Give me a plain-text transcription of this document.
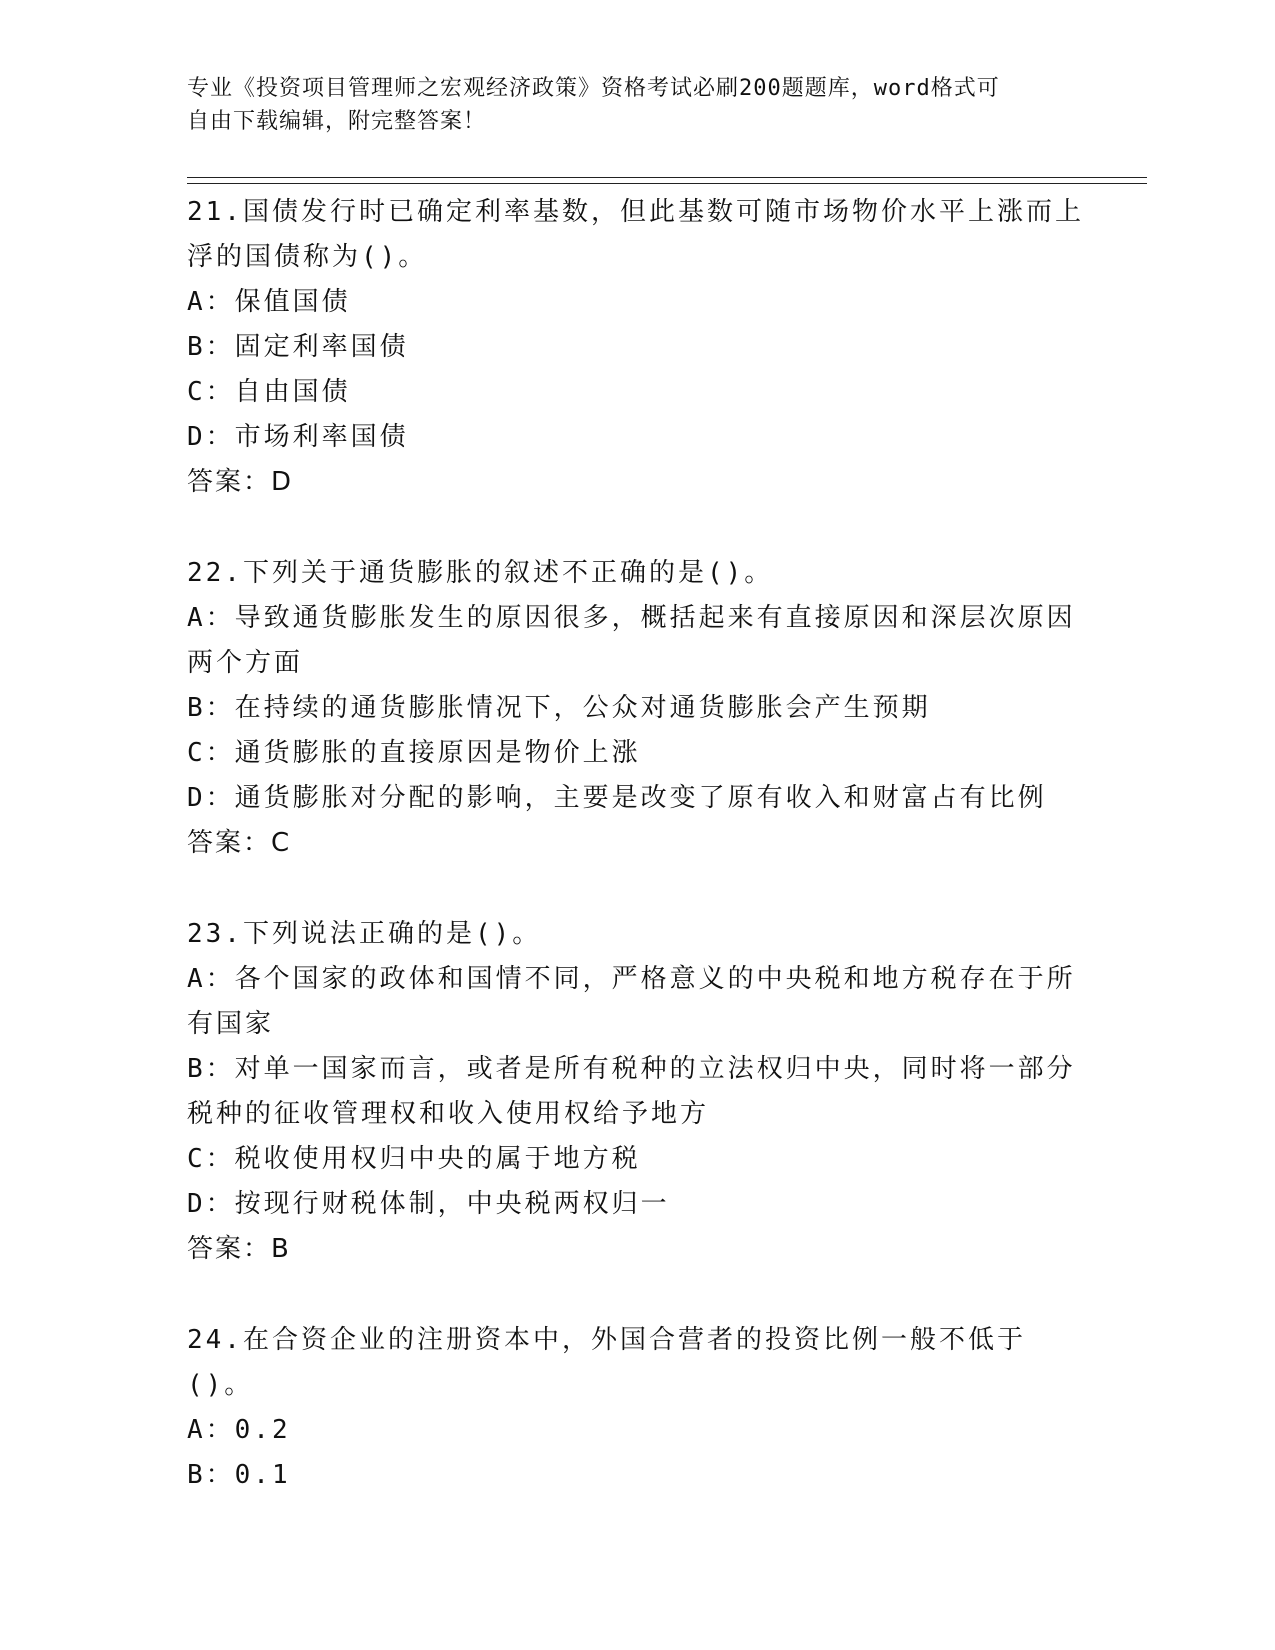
专业《投资项目管理师之宏观经济政策》资格考试必刷200题题库，word格式可
自由下载编辑，附完整答案！
21.国债发行时已确定利率基数，但此基数可随市场物价水平上涨而上
浮的国债称为()。
A：保值国债
B：固定利率国债
C：自由国债
D：市场利率国债
答案：D
22.下列关于通货膨胀的叙述不正确的是()。
A：导致通货膨胀发生的原因很多，概括起来有直接原因和深层次原因
两个方面
B：在持续的通货膨胀情况下，公众对通货膨胀会产生预期
C：通货膨胀的直接原因是物价上涨
D：通货膨胀对分配的影响，主要是改变了原有收入和财富占有比例
答案：C
23.下列说法正确的是()。
A：各个国家的政体和国情不同，严格意义的中央税和地方税存在于所
有国家
B：对单一国家而言，或者是所有税种的立法权归中央，同时将一部分
税种的征收管理权和收入使用权给予地方
C：税收使用权归中央的属于地方税
D：按现行财税体制，中央税两权归一
答案：B
24.在合资企业的注册资本中，外国合营者的投资比例一般不低于()。
A：0.2
B：0.1
